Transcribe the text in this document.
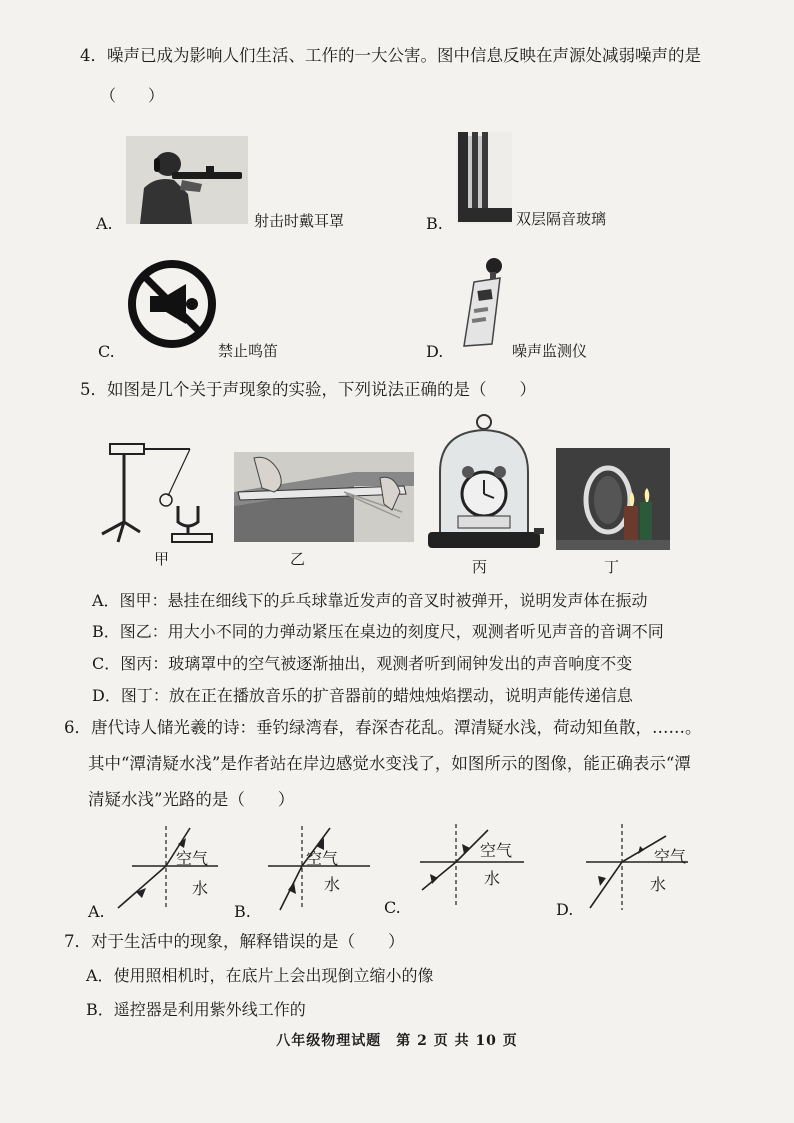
4．噪声已成为影响人们生活、工作的一大公害。图中信息反映在声源处减弱噪声的是
（　　）
A.	射击时戴耳罩	B.	双层隔音玻璃
C.	禁止鸣笛	D.	噪声监测仪
5．如图是几个关于声现象的实验，下列说法正确的是（　　）
甲	乙	丙	丁
A．图甲：悬挂在细线下的乒乓球靠近发声的音叉时被弹开，说明发声体在振动
B．图乙：用大小不同的力弹动紧压在桌边的刻度尺，观测者听见声音的音调不同
C．图丙：玻璃罩中的空气被逐渐抽出，观测者听到闹钟发出的声音响度不变
D．图丁：放在正在播放音乐的扩音器前的蜡烛烛焰摆动，说明声能传递信息
6．唐代诗人储光羲的诗：垂钓绿湾春，春深杏花乱。潭清疑水浅，荷动知鱼散，……。
其中“潭清疑水浅”是作者站在岸边感觉水变浅了，如图所示的图像，能正确表示“潭
清疑水浅”光路的是（　　）
空气
水
A.
空气
水
B.
空气
水
C.
空气
水
D.
7．对于生活中的现象，解释错误的是（　　）
A．使用照相机时，在底片上会出现倒立缩小的像
B．遥控器是利用紫外线工作的
八年级物理试题　第 2 页 共 10 页
